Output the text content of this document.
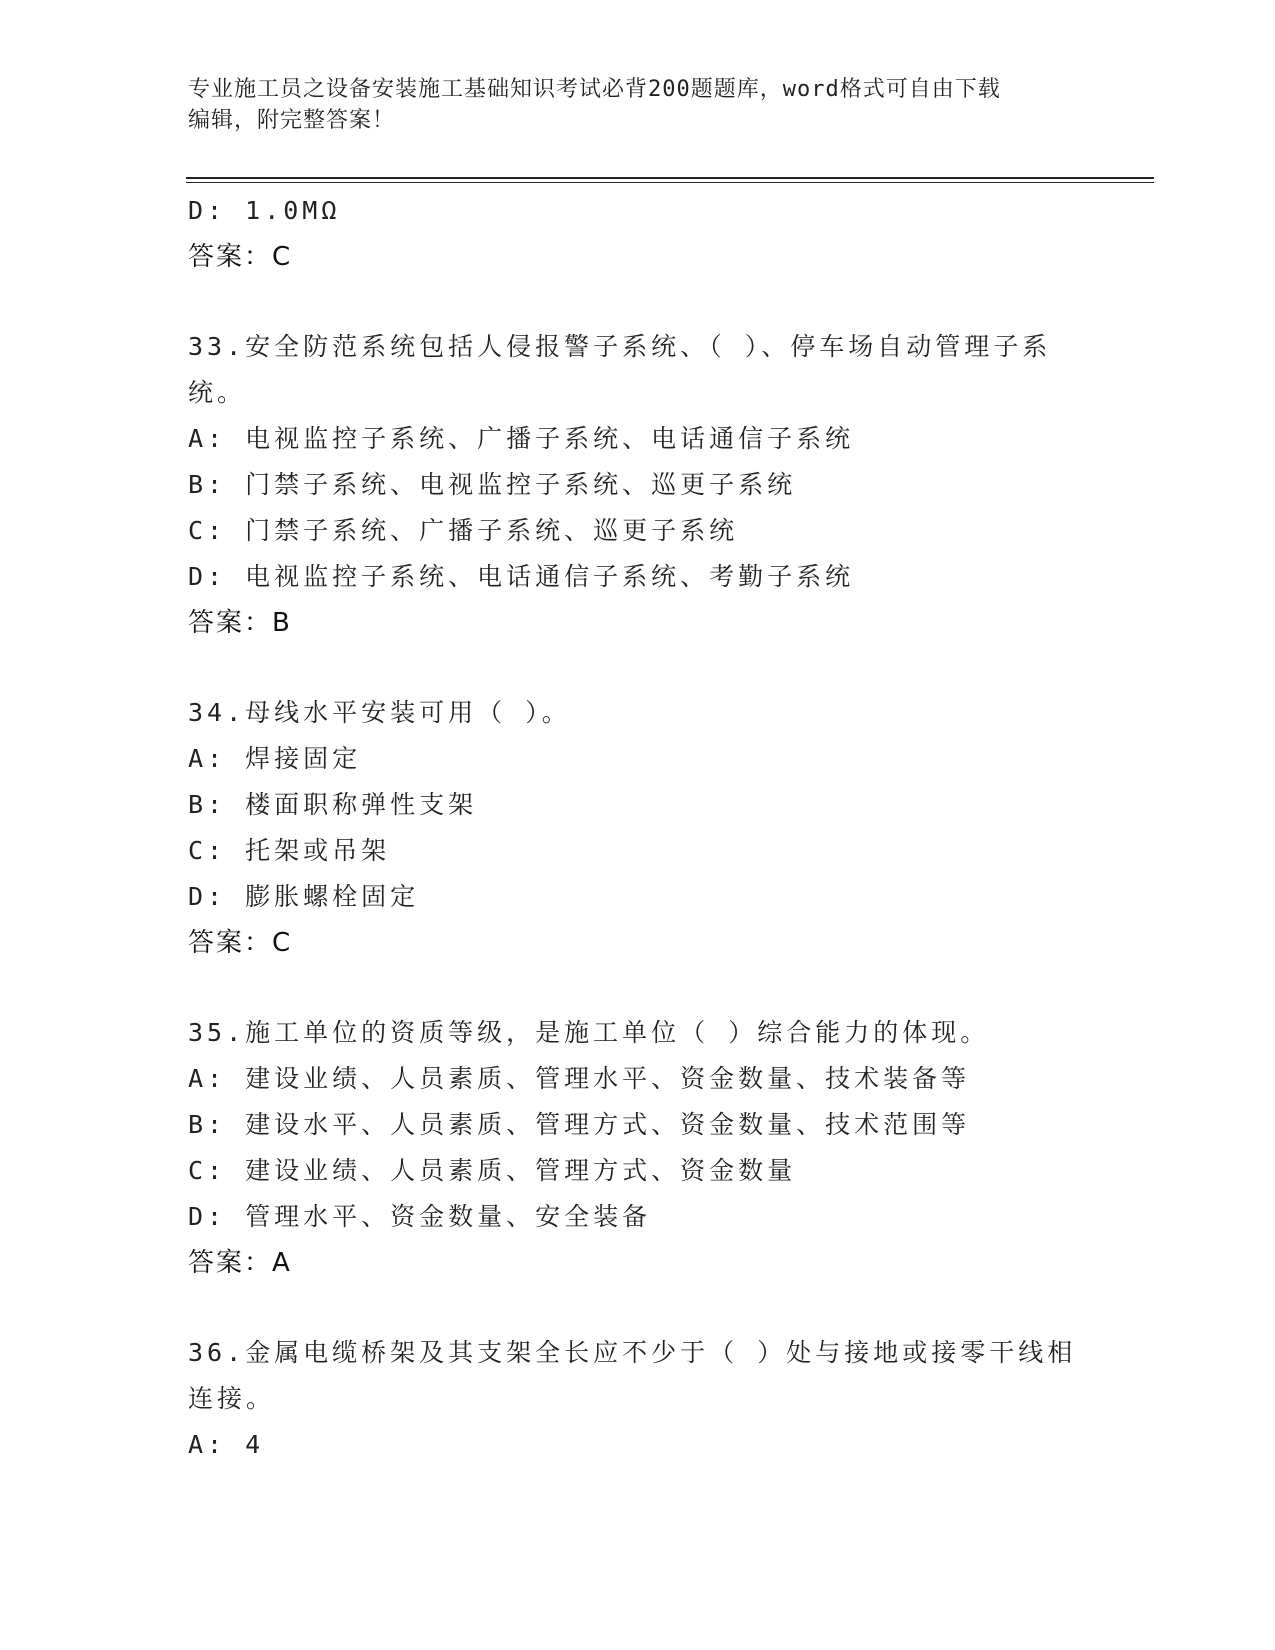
专业施工员之设备安装施工基础知识考试必背200题题库，word格式可自由下载
编辑，附完整答案！
D: 1.0MΩ
答案：C
33.安全防范系统包括人侵报警子系统、（ ）、停车场自动管理子系
统。
A: 电视监控子系统、广播子系统、电话通信子系统
B: 门禁子系统、电视监控子系统、巡更子系统
C: 门禁子系统、广播子系统、巡更子系统
D: 电视监控子系统、电话通信子系统、考勤子系统
答案：B
34.母线水平安装可用（ ）。
A: 焊接固定
B: 楼面职称弹性支架
C: 托架或吊架
D: 膨胀螺栓固定
答案：C
35.施工单位的资质等级，是施工单位（ ）综合能力的体现。
A: 建设业绩、人员素质、管理水平、资金数量、技术装备等
B: 建设水平、人员素质、管理方式、资金数量、技术范围等
C: 建设业绩、人员素质、管理方式、资金数量
D: 管理水平、资金数量、安全装备
答案：A
36.金属电缆桥架及其支架全长应不少于（ ）处与接地或接零干线相
连接。
A: 4
